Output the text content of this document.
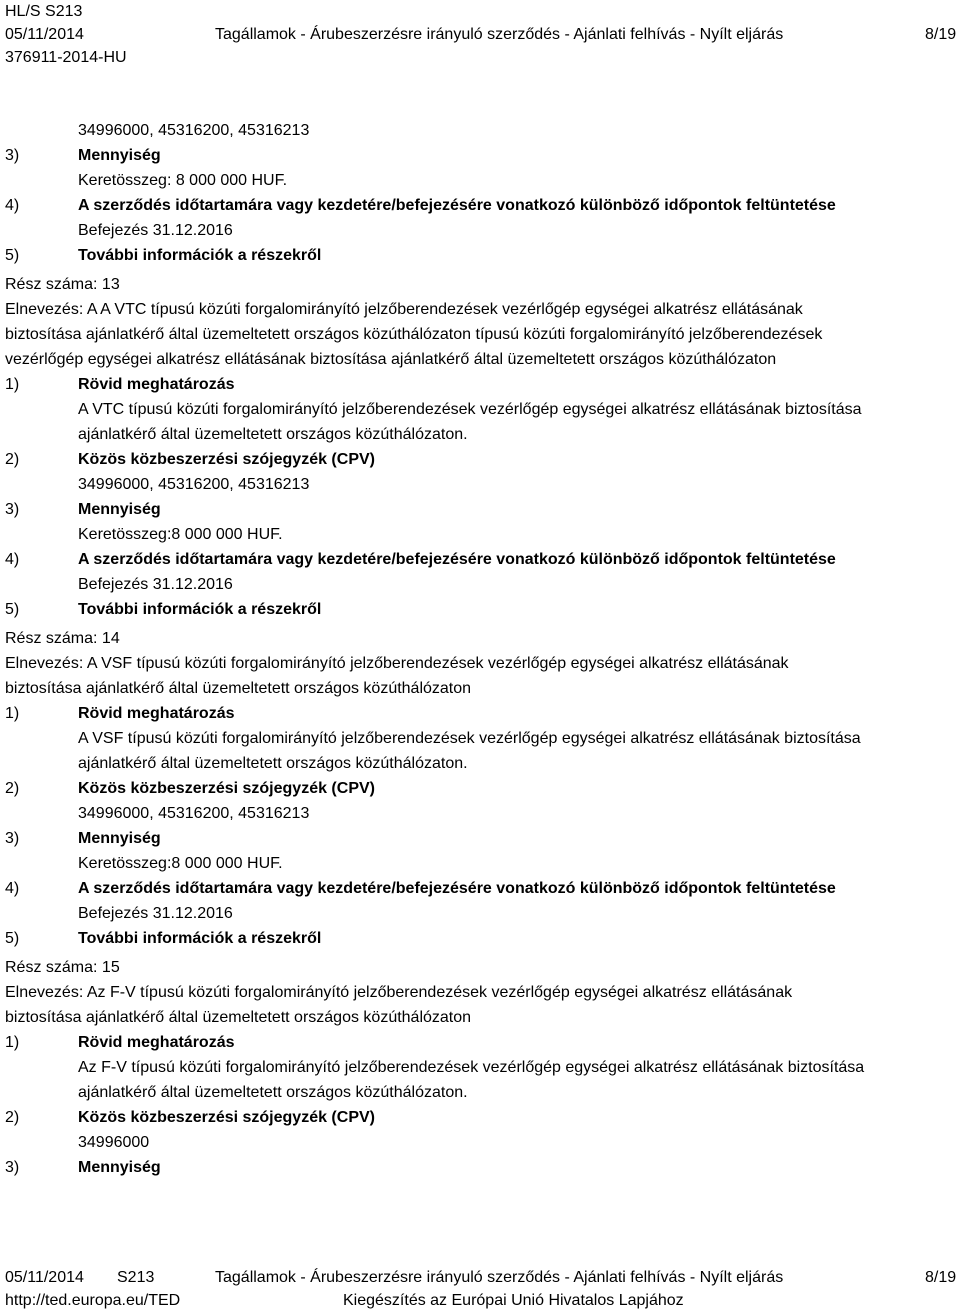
HL/S S213
05/11/2014	Tagállamok - Árubeszerzésre irányuló szerződés - Ajánlati felhívás - Nyílt eljárás	8/19
376911-2014-HU
34996000, 45316200, 45316213
3)	Mennyiség
Keretösszeg: 8 000 000 HUF.
4)	A szerződés időtartamára vagy kezdetére/befejezésére vonatkozó különböző időpontok feltüntetése
Befejezés 31.12.2016
5)	További információk a részekről
Rész száma: 13
Elnevezés: A A VTC típusú közúti forgalomirányító jelzőberendezések vezérlőgép egységei alkatrész ellátásának
biztosítása ajánlatkérő által üzemeltetett országos közúthálózaton típusú közúti forgalomirányító jelzőberendezések
vezérlőgép egységei alkatrész ellátásának biztosítása ajánlatkérő által üzemeltetett országos közúthálózaton
1)	Rövid meghatározás
A VTC típusú közúti forgalomirányító jelzőberendezések vezérlőgép egységei alkatrész ellátásának biztosítása
ajánlatkérő által üzemeltetett országos közúthálózaton.
2)	Közös közbeszerzési szójegyzék (CPV)
34996000, 45316200, 45316213
3)	Mennyiség
Keretösszeg:8 000 000 HUF.
4)	A szerződés időtartamára vagy kezdetére/befejezésére vonatkozó különböző időpontok feltüntetése
Befejezés 31.12.2016
5)	További információk a részekről
Rész száma: 14
Elnevezés: A VSF típusú közúti forgalomirányító jelzőberendezések vezérlőgép egységei alkatrész ellátásának
biztosítása ajánlatkérő által üzemeltetett országos közúthálózaton
1)	Rövid meghatározás
A VSF típusú közúti forgalomirányító jelzőberendezések vezérlőgép egységei alkatrész ellátásának biztosítása
ajánlatkérő által üzemeltetett országos közúthálózaton.
2)	Közös közbeszerzési szójegyzék (CPV)
34996000, 45316200, 45316213
3)	Mennyiség
Keretösszeg:8 000 000 HUF.
4)	A szerződés időtartamára vagy kezdetére/befejezésére vonatkozó különböző időpontok feltüntetése
Befejezés 31.12.2016
5)	További információk a részekről
Rész száma: 15
Elnevezés: Az F-V típusú közúti forgalomirányító jelzőberendezések vezérlőgép egységei alkatrész ellátásának
biztosítása ajánlatkérő által üzemeltetett országos közúthálózaton
1)	Rövid meghatározás
Az F-V típusú közúti forgalomirányító jelzőberendezések vezérlőgép egységei alkatrész ellátásának biztosítása
ajánlatkérő által üzemeltetett országos közúthálózaton.
2)	Közös közbeszerzési szójegyzék (CPV)
34996000
3)	Mennyiség
05/11/2014	S213	Tagállamok - Árubeszerzésre irányuló szerződés - Ajánlati felhívás - Nyílt eljárás	8/19
http://ted.europa.eu/TED	Kiegészítés az Európai Unió Hivatalos Lapjához
